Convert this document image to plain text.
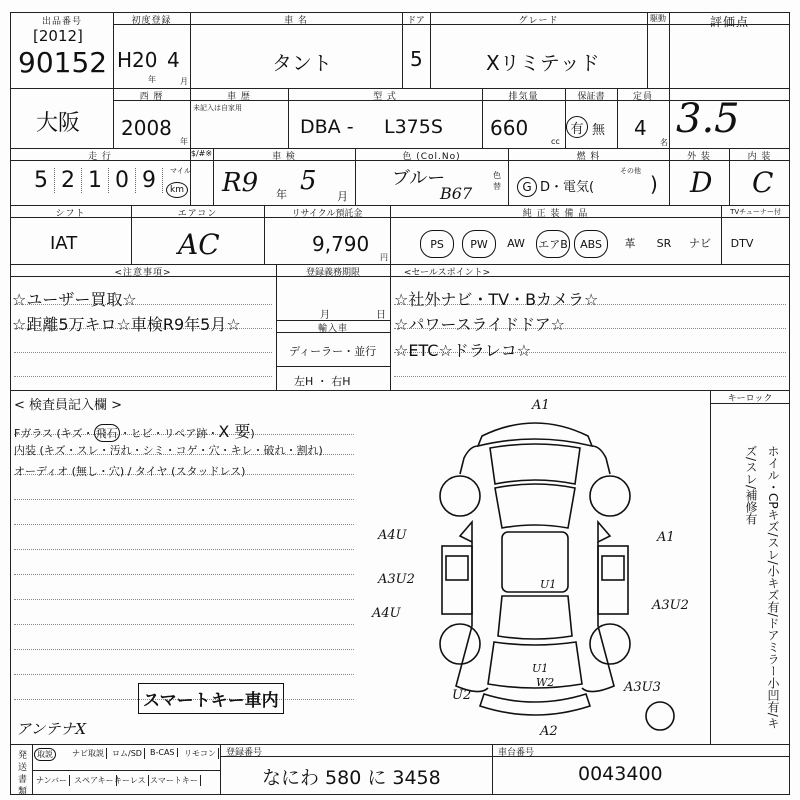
出品番号
[2012]
90152
初度登録
H20 4
年	月
車 名
タント
ドア
5
グレード
Xリミテッド
駆動	評価点
3.5
大阪
西 暦
2008
年
車 歴
未記入は自家用
型 式
DBA - L375S
排気量
660
cc
保証書
有 無
定員
4
名
走 行
5 2 1 0 9	マイル
km
$/#※	車 検
R9 年 5
月
色 (Col.No)
ブルー
B67
色替
燃 料
G D・電気(
その他
)
外 装
D
内 装
C
シフト
IAT
エアコン
AC
リサイクル預託金
9,790
円
純 正 装 備 品	TVチューナー付
PS	PW	AW	エアB	ABS	革	SR	ナビ	DTV
<注意事項>
☆ユーザー買取☆
☆距離5万キロ☆車検R9年5月☆
登録義務期限
月	日
輸入車
ディーラー・並行
左H ・ 右H
<セールスポイント>
☆社外ナビ・TV・Bカメラ☆
☆パワースライドドア☆
☆ETC☆ドラレコ☆
< 検査員記入欄 >	キーロック
Fガラス (キズ・ 飛石 ・ヒビ・リペア跡・X 要)
内装 (キズ・スレ・汚れ・シミ・コゲ・穴・キレ・破れ・割れ)
オーディオ (無し・穴) / タイヤ (スタッドレス)
スマートキー車内
アンテナX
A1
A1
A4U
A3U2
A4U
A3U2
U1
U1
W2
U2
A3U3
A2
ホイル・CPキズ/スレ/小キズ有/ドアミラー小凹有/キズ/スレ/補修有
発送書類	取説	ナビ取説	ロム/SD	B-CAS	リモコン
ナンバー スペアキー キーレス スマートキー
登録番号
なにわ 580 に 3458
車台番号
0043400
